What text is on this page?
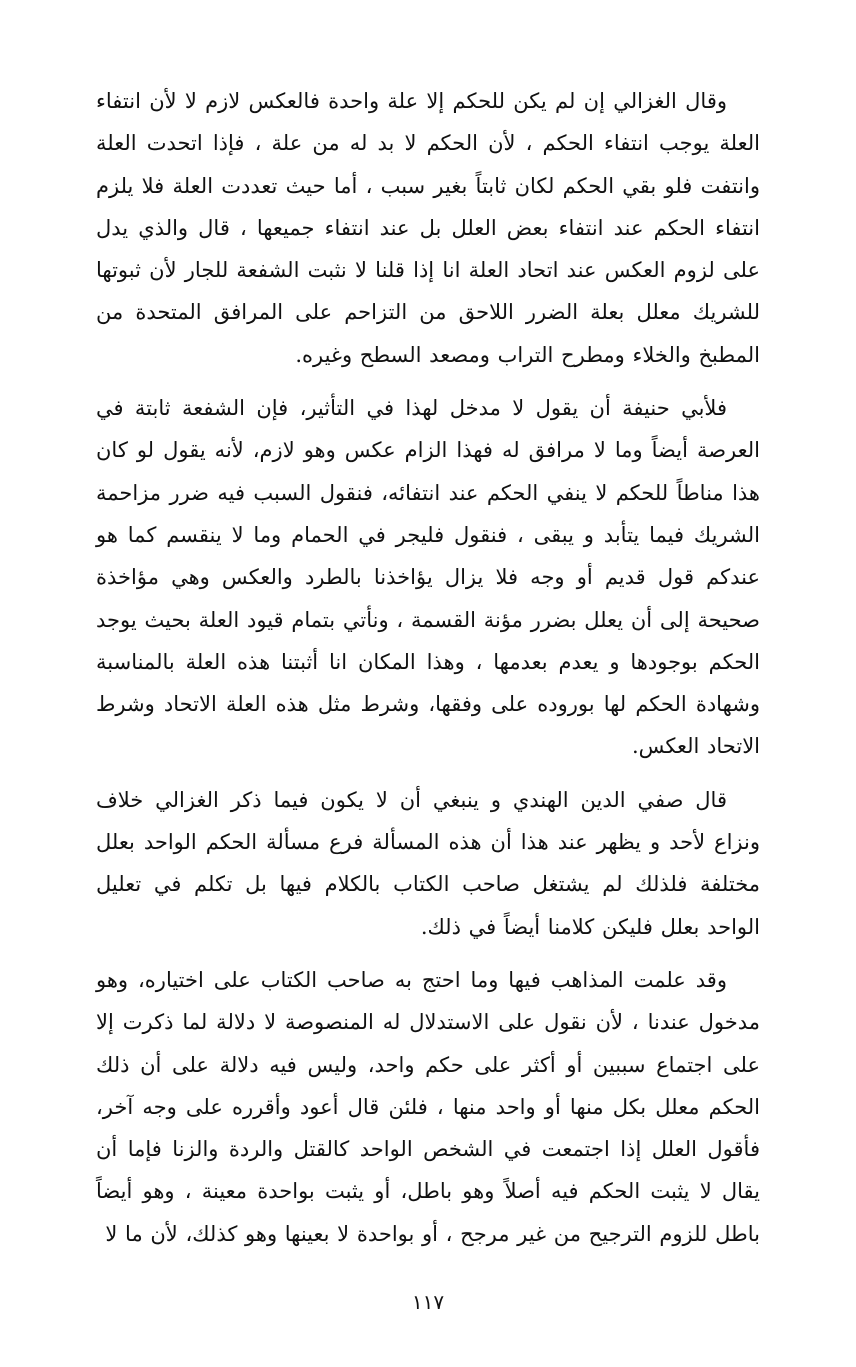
وقال الغزالي إن لم يكن للحكم إلا علة واحدة فالعكس لازم لا لأن انتفاء العلة يوجب انتفاء الحكم ، لأن الحكم لا بد له من علة ، فإذا اتحدت العلة وانتفت فلو بقي الحكم لكان ثابتاً بغير سبب ، أما حيث تعددت العلة فلا يلزم انتفاء الحكم عند انتفاء بعض العلل بل عند انتفاء جميعها ، قال والذي يدل على لزوم العكس عند اتحاد العلة انا إذا قلنا لا نثبت الشفعة للجار لأن ثبوتها للشريك معلل بعلة الضرر اللاحق من التزاحم على المرافق المتحدة من المطبخ والخلاء ومطرح التراب ومصعد السطح وغيره.

فلأبي حنيفة أن يقول لا مدخل لهذا في التأثير، فإن الشفعة ثابتة في العرصة أيضاً وما لا مرافق له فهذا الزام عكس وهو لازم، لأنه يقول لو كان هذا مناطاً للحكم لا ينفي الحكم عند انتفائه، فنقول السبب فيه ضرر مزاحمة الشريك فيما يتأبد و يبقى ، فنقول فليجر في الحمام وما لا ينقسم كما هو عندكم قول قديم أو وجه فلا يزال يؤاخذنا بالطرد والعكس وهي مؤاخذة صحيحة إلى أن يعلل بضرر مؤنة القسمة ، ونأتي بتمام قيود العلة بحيث يوجد الحكم بوجودها و يعدم بعدمها ، وهذا المكان انا أثبتنا هذه العلة بالمناسبة وشهادة الحكم لها بوروده على وفقها، وشرط مثل هذه العلة الاتحاد وشرط الاتحاد العكس.

قال صفي الدين الهندي و ينبغي أن لا يكون فيما ذكر الغزالي خلاف ونزاع لأحد و يظهر عند هذا أن هذه المسألة فرع مسألة الحكم الواحد بعلل مختلفة فلذلك لم يشتغل صاحب الكتاب بالكلام فيها بل تكلم في تعليل الواحد بعلل فليكن كلامنا أيضاً في ذلك.

وقد علمت المذاهب فيها وما احتج به صاحب الكتاب على اختياره، وهو مدخول عندنا ، لأن نقول على الاستدلال له المنصوصة لا دلالة لما ذكرت إلا على اجتماع سببين أو أكثر على حكم واحد، وليس فيه دلالة على أن ذلك الحكم معلل بكل منها أو واحد منها ، فلئن قال أعود وأقرره على وجه آخر، فأقول العلل إذا اجتمعت في الشخص الواحد كالقتل والردة والزنا فإما أن يقال لا يثبت الحكم فيه أصلاً وهو باطل، أو يثبت بواحدة معينة ، وهو أيضاً باطل للزوم الترجيح من غير مرجح ، أو بواحدة لا بعينها وهو كذلك، لأن ما لا

١١٧
